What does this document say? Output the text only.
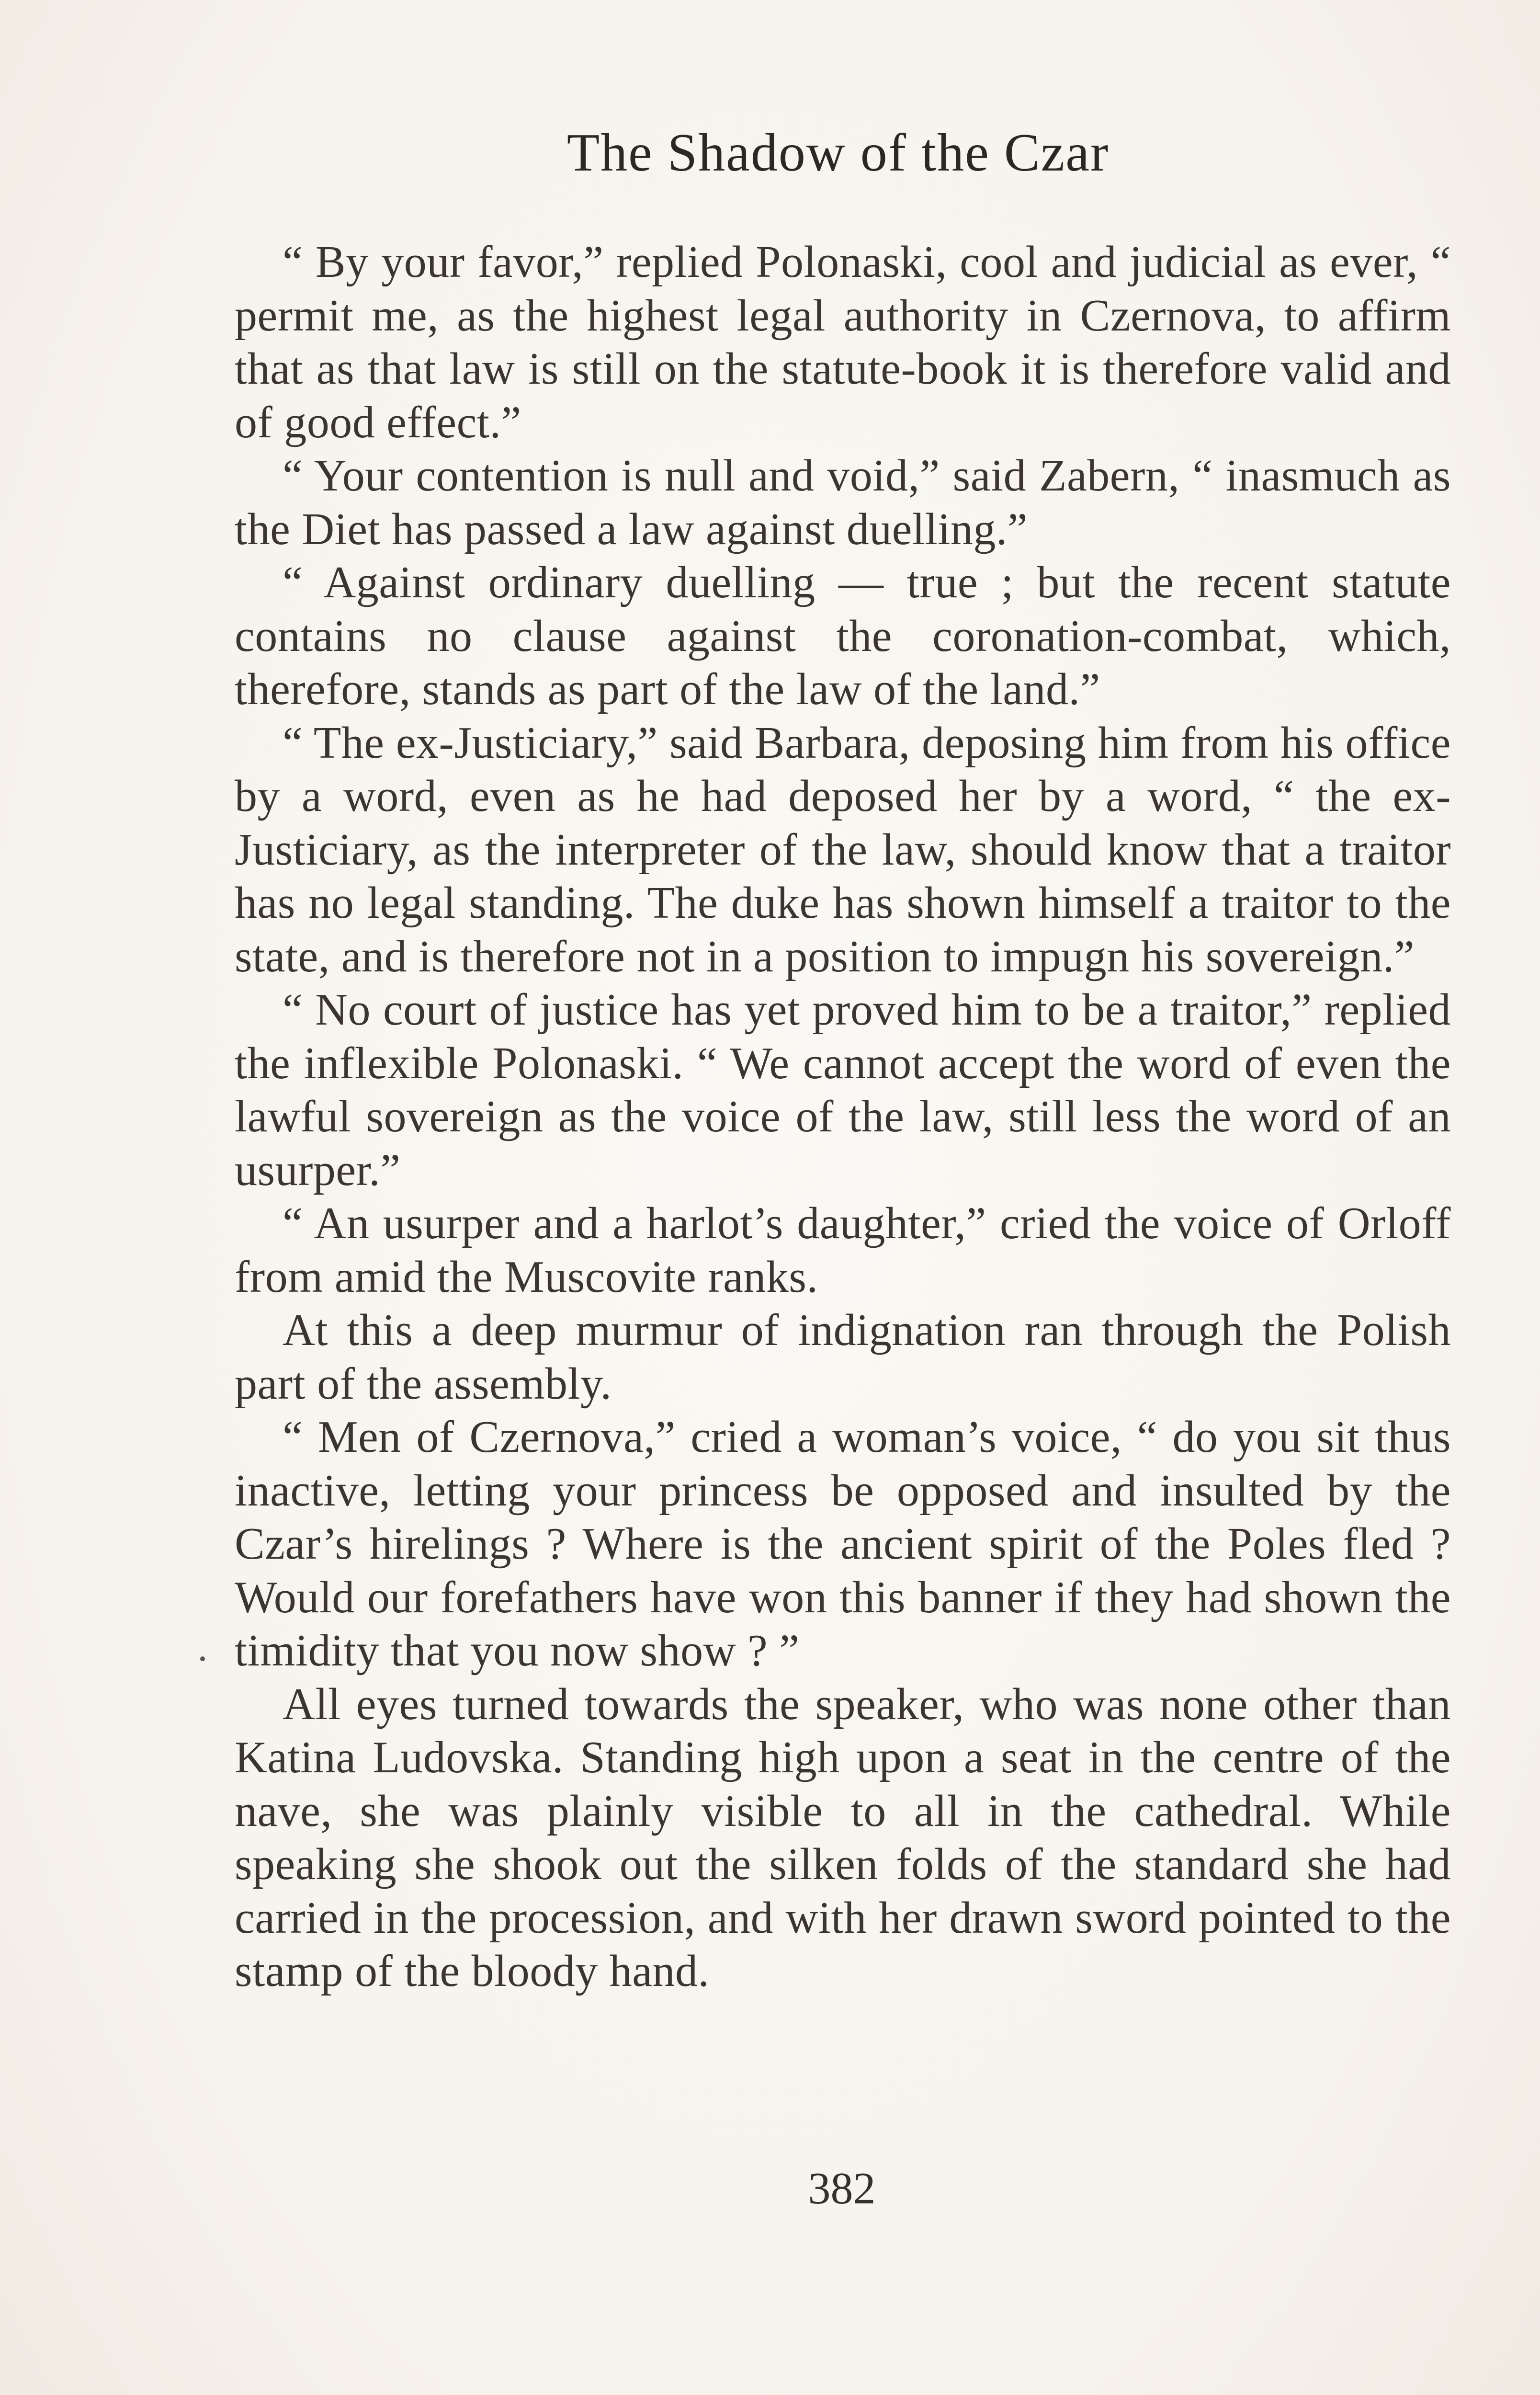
The Shadow of the Czar

“ By your favor,” replied Polonaski, cool and judicial as ever, “ permit me, as the highest legal authority in Czernova, to affirm that as that law is still on the statute-book it is therefore valid and of good effect.”

“ Your contention is null and void,” said Zabern, “ inasmuch as the Diet has passed a law against duelling.”

“ Against ordinary duelling — true ; but the recent statute contains no clause against the coronation-combat, which, therefore, stands as part of the law of the land.”

“ The ex-Justiciary,” said Barbara, deposing him from his office by a word, even as he had deposed her by a word, “ the ex-Justiciary, as the interpreter of the law, should know that a traitor has no legal standing. The duke has shown himself a traitor to the state, and is therefore not in a position to impugn his sovereign.”

“ No court of justice has yet proved him to be a traitor,” replied the inflexible Polonaski. “ We cannot accept the word of even the lawful sovereign as the voice of the law, still less the word of an usurper.”

“ An usurper and a harlot’s daughter,” cried the voice of Orloff from amid the Muscovite ranks.

At this a deep murmur of indignation ran through the Polish part of the assembly.

“ Men of Czernova,” cried a woman’s voice, “ do you sit thus inactive, letting your princess be opposed and insulted by the Czar’s hirelings ? Where is the ancient spirit of the Poles fled ? Would our forefathers have won this banner if they had shown the timidity that you now show ? ”

All eyes turned towards the speaker, who was none other than Katina Ludovska. Standing high upon a seat in the centre of the nave, she was plainly visible to all in the cathedral. While speaking she shook out the silken folds of the standard she had carried in the procession, and with her drawn sword pointed to the stamp of the bloody hand.

382
